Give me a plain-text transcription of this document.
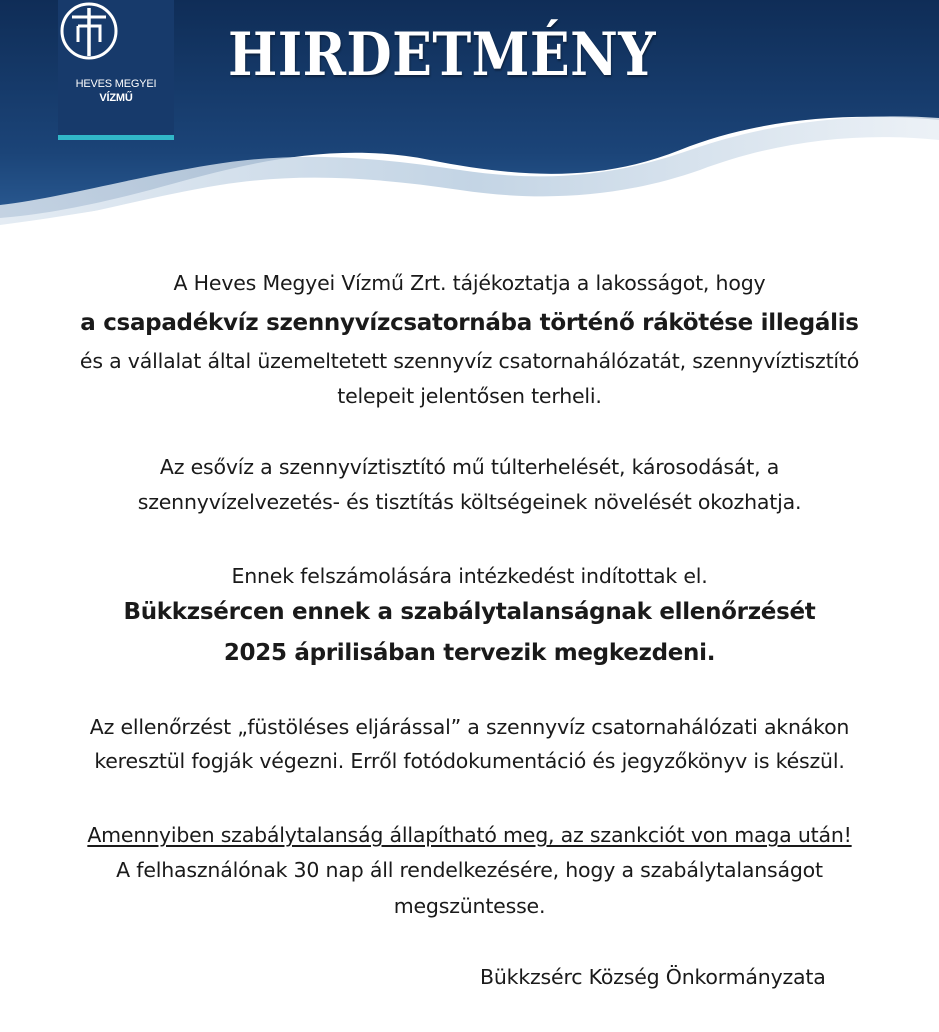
HEVES MEGYEI
VÍZMŰ
HIRDETMÉNY
A Heves Megyei Vízmű Zrt. tájékoztatja a lakosságot, hogy
a csapadékvíz szennyvízcsatornába történő rákötése illegális
és a vállalat által üzemeltetett szennyvíz csatornahálózatát, szennyvíztisztító
telepeit jelentősen terheli.
Az esővíz a szennyvíztisztító mű túlterhelését, károsodását, a
szennyvízelvezetés- és tisztítás költségeinek növelését okozhatja.
Ennek felszámolására intézkedést indítottak el.
Bükkzsércen ennek a szabálytalanságnak ellenőrzését
2025 áprilisában tervezik megkezdeni.
Az ellenőrzést „füstöléses eljárással” a szennyvíz csatornahálózati aknákon
keresztül fogják végezni. Erről fotódokumentáció és jegyzőkönyv is készül.
Amennyiben szabálytalanság állapítható meg, az szankciót von maga után!
A felhasználónak 30 nap áll rendelkezésére, hogy a szabálytalanságot
megszüntesse.
Bükkzsérc Község Önkormányzata
